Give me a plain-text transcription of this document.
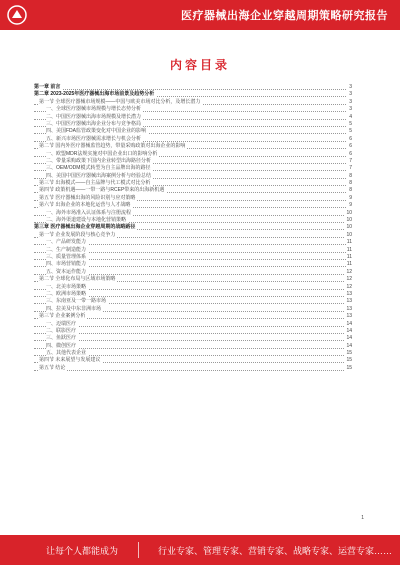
医疗器械出海企业穿越周期策略研究报告
内容目录
第一章 前言	3
第二章 2023-2025年医疗器械出海市场前景及趋势分析	3
第一节 全球医疗器械市场规模——中国与欧美市场对比分析，及增长潜力	3
一、全球医疗器械市场规模与增长态势分析	3
二、中国医疗器械出海市场规模及增长潜力	4
三、中国医疗器械出海企业分布与竞争格局	5
四、美国FDA监管政策变化对中国企业的影响	5
五、新兴市场医疗器械需求增长与机会分析	6
第二节 国内外医疗器械监管趋势，带量采购政策对出海企业的影响	6
一、欧盟MDR法规实施对中国企业出口的影响分析	6
二、带量采购政策下国内企业转型出海路径分析	7
三、OEM/ODM模式转型为自主品牌出海的路径	7
四、美国中国医疗器械出海案例分析与经验总结	8
第三节 出海模式——自主品牌与代工模式对比分析	8
第四节 政策机遇——一带一路与RCEP带来的出海新机遇	8
第五节 医疗器械出海的风险识别与应对策略	9
第六节 出海企业的本地化运营与人才战略	9
一、海外市场准入认证体系与注册流程	10
二、海外渠道建设与本地化营销策略	10
第三章 医疗器械出海企业穿越周期的战略路径	10
第一节 企业发展阶段与核心竞争力	10
一、产品研发能力	11
二、生产制造能力	11
三、质量管理体系	11
四、市场营销能力	11
五、资本运作能力	12
第二节 全球化布局与区域市场策略	12
一、北美市场策略	12
二、欧洲市场策略	13
三、东南亚及一带一路市场	13
四、拉美及中东非洲市场	13
第三节 企业案例分析	13
一、迈瑞医疗	14
二、联影医疗	14
三、鱼跃医疗	14
四、微创医疗	14
五、其他代表企业	15
第四节 未来展望与发展建议	15
第五节 结论	15
1
让每个人都能成为	行业专家、管理专家、营销专家、战略专家、运营专家……
